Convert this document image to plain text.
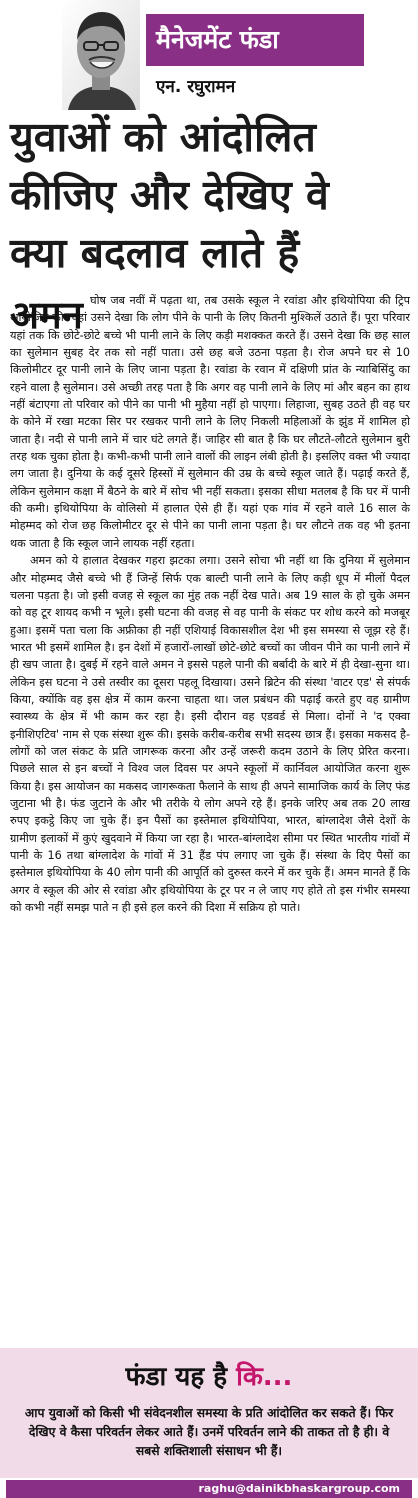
मैनेजमेंट फंडा
एन. रघुरामन
युवाओं को आंदोलित
कीजिए और देखिए वे
क्या बदलाव लाते हैं
अमन घोष जब नवीं में पढ़ता था, तब उसके स्कूल ने रवांडा और इथियोपिया की ट्रिप आयोजित की। वहां उसने देखा कि लोग पीने के पानी के लिए कितनी मुश्किलें उठाते हैं। पूरा परिवार यहां तक कि छोटे-छोटे बच्चे भी पानी लाने के लिए कड़ी मशक्कत करते हैं। उसने देखा कि छह साल का सुलेमान सुबह देर तक सो नहीं पाता। उसे छह बजे उठना पड़ता है। रोज अपने घर से 10 किलोमीटर दूर पानी लाने के लिए जाना पड़ता है। रवांडा के रवान में दक्षिणी प्रांत के न्याबिसिंदु का रहने वाला है सुलेमान। उसे अच्छी तरह पता है कि अगर वह पानी लाने के लिए मां और बहन का हाथ नहीं बंटाएगा तो परिवार को पीने का पानी भी मुहैया नहीं हो पाएगा। लिहाजा, सुबह उठते ही वह घर के कोने में रखा मटका सिर पर रखकर पानी लाने के लिए निकली महिलाओं के झुंड में शामिल हो जाता है। नदी से पानी लाने में चार घंटे लगते हैं। जाहिर सी बात है कि घर लौटते-लौटते सुलेमान बुरी तरह थक चुका होता है। कभी-कभी पानी लाने वालों की लाइन लंबी होती है। इसलिए वक्त भी ज्यादा लग जाता है। दुनिया के कई दूसरे हिस्सों में सुलेमान की उम्र के बच्चे स्कूल जाते हैं। पढ़ाई करते हैं, लेकिन सुलेमान कक्षा में बैठने के बारे में सोच भी नहीं सकता। इसका सीधा मतलब है कि घर में पानी की कमी। इथियोपिया के वोलिसो में हालात ऐसे ही हैं। यहां एक गांव में रहने वाले 16 साल के मोहम्मद को रोज छह किलोमीटर दूर से पीने का पानी लाना पड़ता है। घर लौटने तक वह भी इतना थक जाता है कि स्कूल जाने लायक नहीं रहता।

अमन को ये हालात देखकर गहरा झटका लगा। उसने सोचा भी नहीं था कि दुनिया में सुलेमान और मोहम्मद जैसे बच्चे भी हैं जिन्हें सिर्फ एक बाल्टी पानी लाने के लिए कड़ी धूप में मीलों पैदल चलना पड़ता है। जो इसी वजह से स्कूल का मुंह तक नहीं देख पाते। अब 19 साल के हो चुके अमन को वह टूर शायद कभी न भूले। इसी घटना की वजह से वह पानी के संकट पर शोध करने को मजबूर हुआ। इसमें पता चला कि अफ्रीका ही नहीं एशियाई विकासशील देश भी इस समस्या से जूझ रहे हैं। भारत भी इसमें शामिल है। इन देशों में हजारों-लाखों छोटे-छोटे बच्चों का जीवन पीने का पानी लाने में ही खप जाता है। दुबई में रहने वाले अमन ने इससे पहले पानी की बर्बादी के बारे में ही देखा-सुना था। लेकिन इस घटना ने उसे तस्वीर का दूसरा पहलू दिखाया। उसने ब्रिटेन की संस्था 'वाटर एड' से संपर्क किया, क्योंकि वह इस क्षेत्र में काम करना चाहता था। जल प्रबंधन की पढ़ाई करते हुए वह ग्रामीण स्वास्थ्य के क्षेत्र में भी काम कर रहा है। इसी दौरान वह एडवर्ड से मिला। दोनों ने 'द एक्वा इनीशिएटिव' नाम से एक संस्था शुरू की। इसके करीब-करीब सभी सदस्य छात्र हैं। इसका मकसद है- लोगों को जल संकट के प्रति जागरूक करना और उन्हें जरूरी कदम उठाने के लिए प्रेरित करना। पिछले साल से इन बच्चों ने विश्व जल दिवस पर अपने स्कूलों में कार्निवल आयोजित करना शुरू किया है। इस आयोजन का मकसद जागरूकता फैलाने के साथ ही अपने सामाजिक कार्य के लिए फंड जुटाना भी है। फंड जुटाने के और भी तरीके ये लोग अपने रहे हैं। इनके जरिए अब तक 20 लाख रुपए इकट्ठे किए जा चुके हैं। इन पैसों का इस्तेमाल इथियोपिया, भारत, बांग्लादेश जैसे देशों के ग्रामीण इलाकों में कुएं खुदवाने में किया जा रहा है। भारत-बांग्लादेश सीमा पर स्थित भारतीय गांवों में पानी के 16 तथा बांग्लादेश के गांवों में 31 हैंड पंप लगाए जा चुके हैं। संस्था के दिए पैसों का इस्तेमाल इथियोपिया के 40 लोग पानी की आपूर्ति को दुरुस्त करने में कर चुके हैं। अमन मानते हैं कि अगर वे स्कूल की ओर से रवांडा और इथियोपिया के टूर पर न ले जाए गए होते तो इस गंभीर समस्या को कभी नहीं समझ पाते न ही इसे हल करने की दिशा में सक्रिय हो पाते।

फंडा यह है कि...
आप युवाओं को किसी भी संवेदनशील समस्या के प्रति आंदोलित कर सकते हैं। फिर देखिए वे कैसा परिवर्तन लेकर आते हैं। उनमें परिवर्तन लाने की ताकत तो है ही। वे सबसे शक्तिशाली संसाधन भी हैं।
raghu@dainikbhaskargroup.com
